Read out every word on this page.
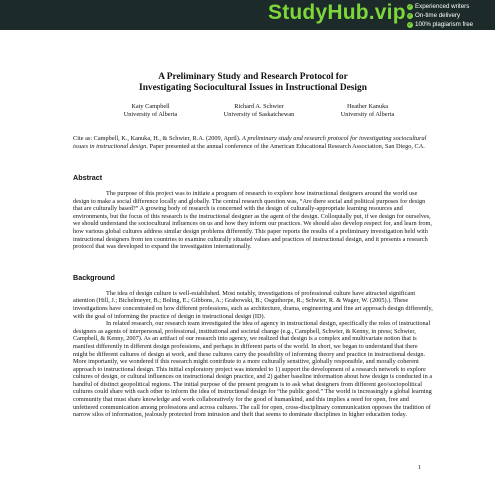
StudyHub.vip ✓ Experienced writers
✓ On-time delivery
✓ 100% plagiarism free
A Preliminary Study and Research Protocol for
Investigating Sociocultural Issues in Instructional Design
Katy Campbell
University of Alberta
Richard A. Schwier
University of Saskatchewan
Heather Kanuka
University of Alberta
Cite as: Campbell, K., Kanuka, H., & Schwier, R.A. (2009, April). A preliminary study and research protocol for investigating sociocultural issues in instructional design. Paper presented at the annual conference of the American Educational Research Association, San Diego, CA.
Abstract

The purpose of this project was to initiate a program of research to explore how instructional designers around the world use design to make a social difference locally and globally. The central research question was, “Are there social and political purposes for design that are culturally based?” A growing body of research is concerned with the design of culturally-appropriate learning resources and environments, but the focus of this research is the instructional designer as the agent of the design. Colloquially put, if we design for ourselves, we should understand the sociocultural influences on us and how they inform our practices. We should also develop respect for, and learn from, how various global cultures address similar design problems differently. This paper reports the results of a preliminary investigation held with instructional designers from ten countries to examine culturally situated values and practices of instructional design, and it presents a research protocol that was developed to expand the investigation internationally.

Background

The idea of design culture is well-established. Most notably, investigations of professional culture have attracted significant attention (Hill, J.; Bichelmeyer, B.; Boling, E.; Gibbons, A.; Grabowski, B.; Osguthorpe, R.; Schwier, R. & Wager, W. (2005).). These investigations have concentrated on how different professions, such as architecture, drama, engineering and fine art approach design differently, with the goal of informing the practice of design in instructional design (ID).

In related research, our research team investigated the idea of agency in instructional design, specifically the roles of instructional designers as agents of interpersonal, professional, institutional and societal change (e.g., Campbell, Schwier, & Kenny, in press; Schwier, Campbell, & Kenny, 2007). As an artifact of our research into agency, we realized that design is a complex and multivariate notion that is manifest differently in different design professions, and perhaps in different parts of the world. In short, we began to understand that there might be different cultures of design at work, and these cultures carry the possibility of informing theory and practice in instructional design. More importantly, we wondered if this research might contribute to a more culturally sensitive, globally responsible, and morally coherent approach to instructional design. This initial exploratory project was intended to 1) support the development of a research network to explore cultures of design, or cultural influences on instructional design practice, and 2) gather baseline information about how design is conducted in a handful of distinct geopolitical regions. The initial purpose of the present program is to ask what designers from different geo/sociopolitical cultures could share with each other to inform the idea of instructional design for “the public good.” The world is increasingly a global learning community that must share knowledge and work collaboratively for the good of humankind, and this implies a need for open, free and unfettered communication among professions and across cultures. The call for open, cross-disciplinary communication opposes the tradition of narrow silos of information, jealously protected from intrusion and theft that seems to dominate disciplines in higher education today.

1
